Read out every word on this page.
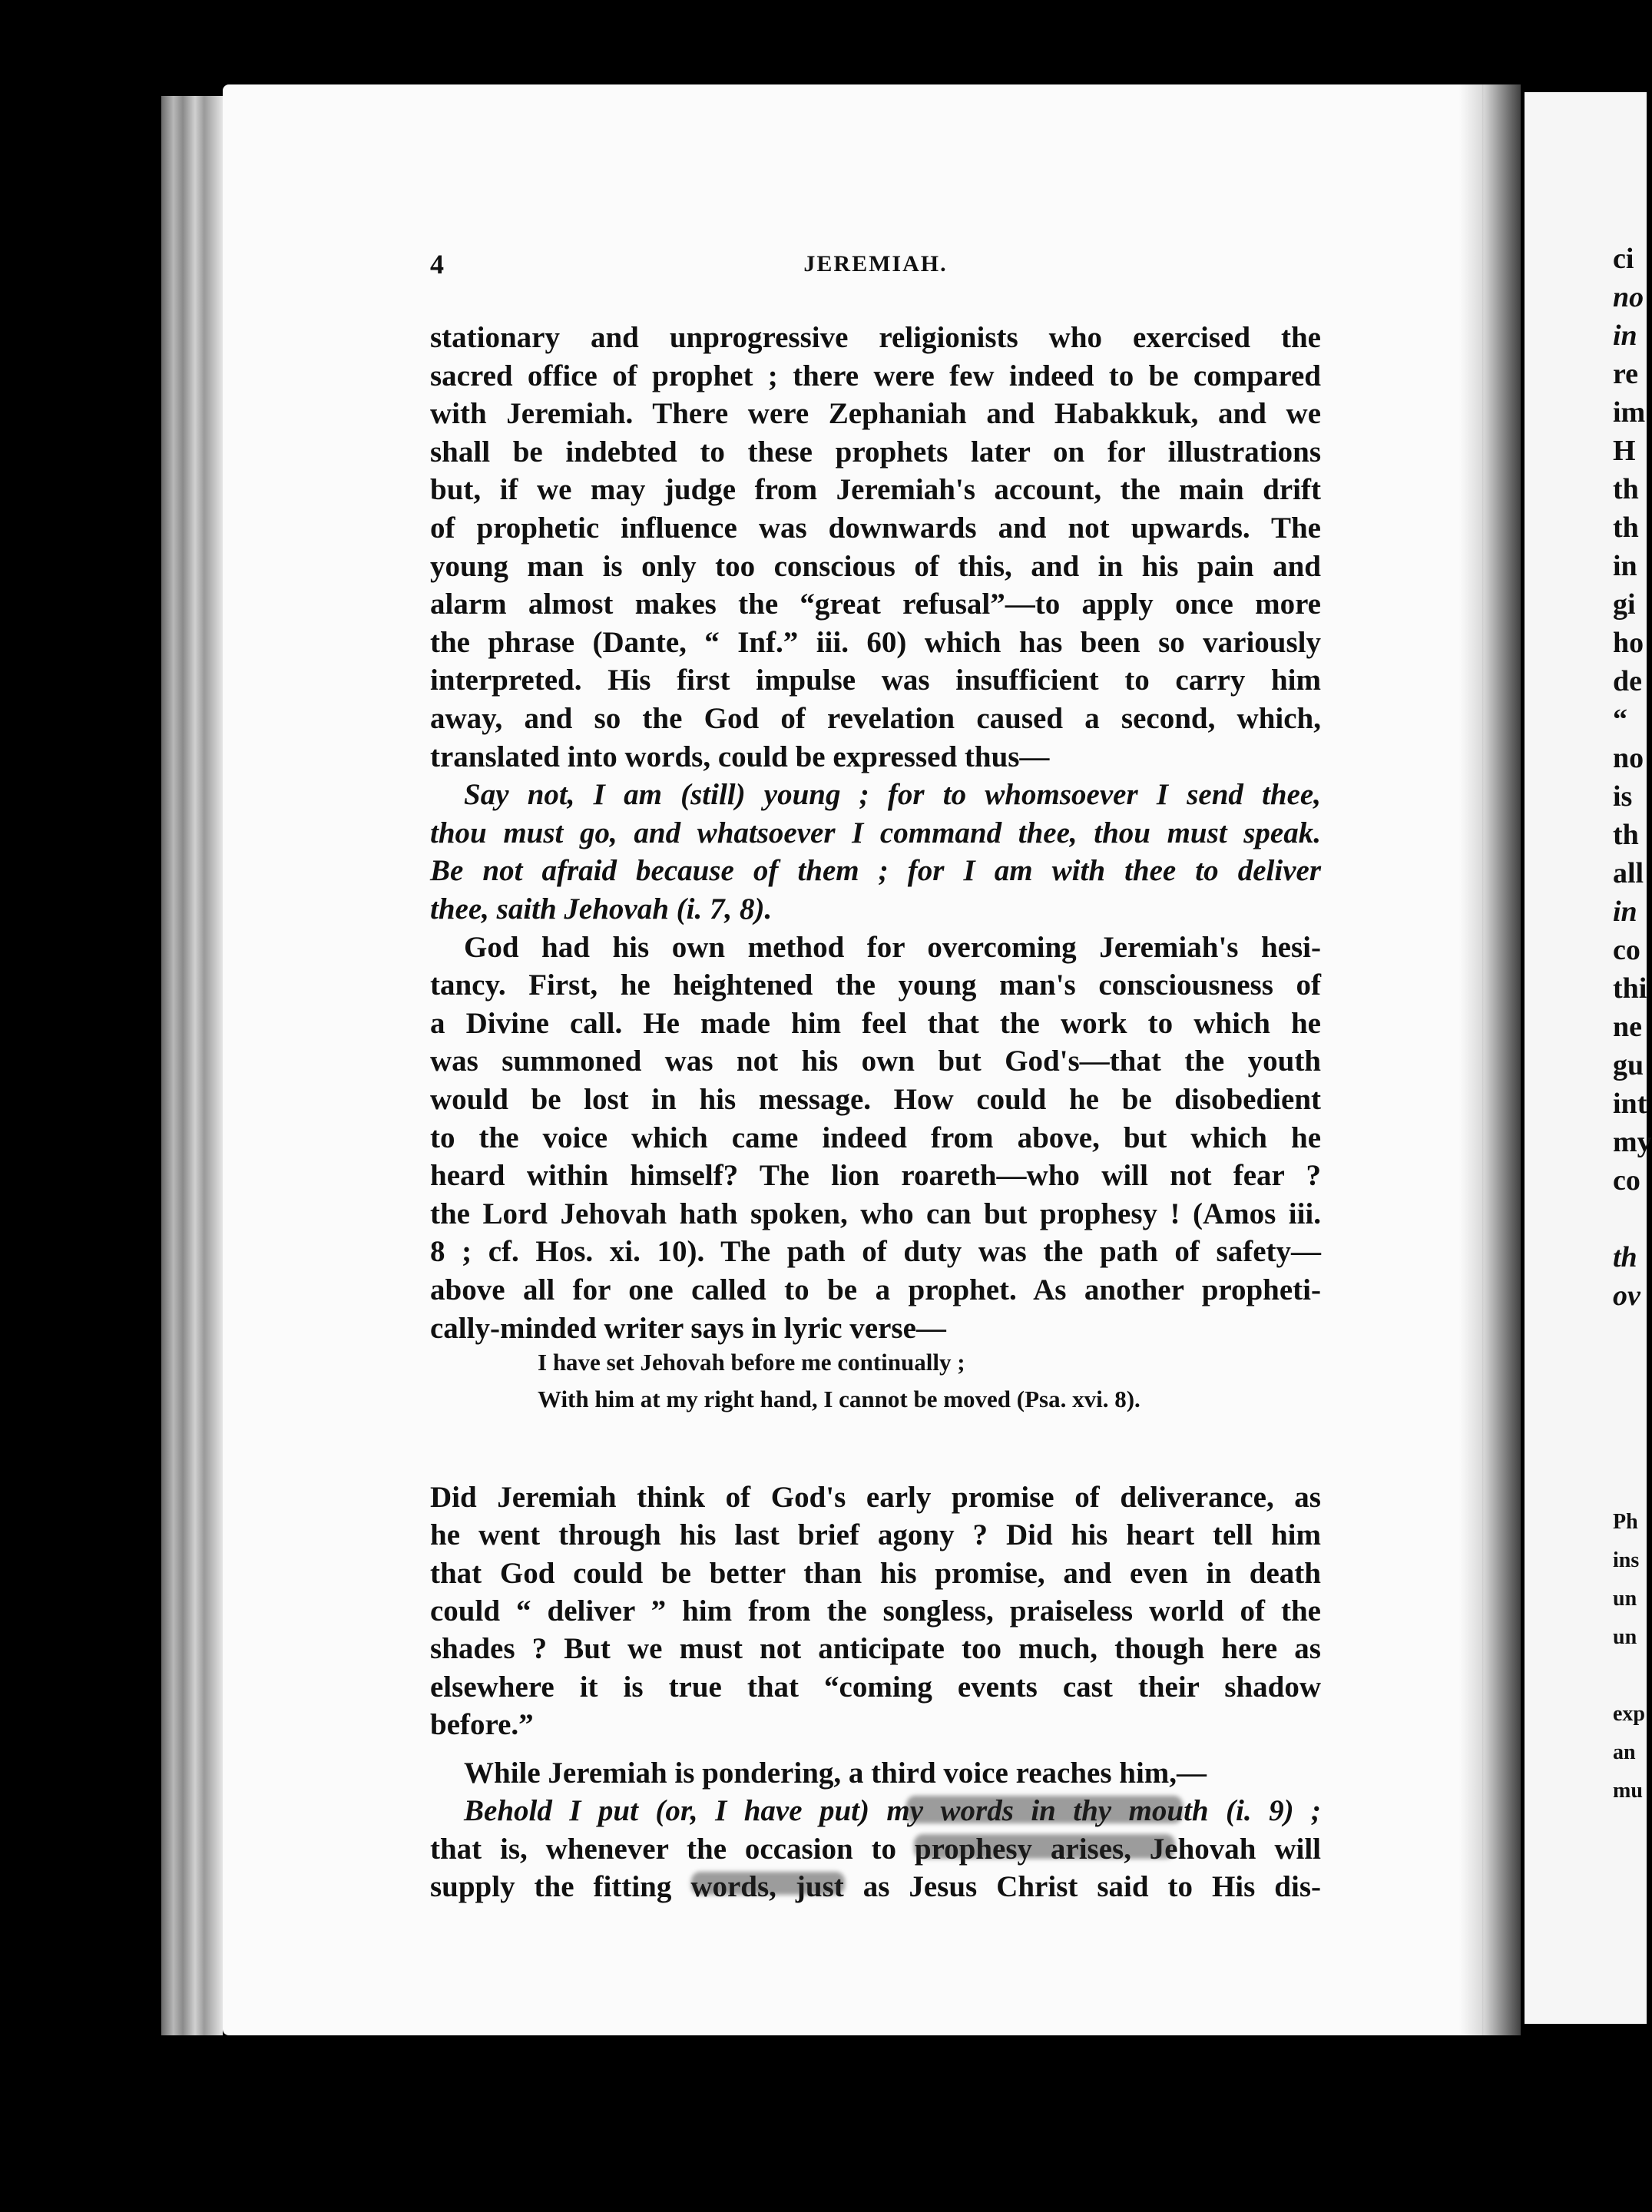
ci
no
in
re
im
H
th
th
in
gi
ho
de
“
no
is
th
all
in
co
thi
ne
gu
int
my
co
th
ov
Ph
ins
un
un
exp
an
mu
4	JEREMIAH.
stationary and unprogressive religionists who exercised the
sacred office of prophet ; there were few indeed to be compared
with Jeremiah. There were Zephaniah and Habakkuk, and we
shall be indebted to these prophets later on for illustrations
but, if we may judge from Jeremiah's account, the main drift
of prophetic influence was downwards and not upwards. The
young man is only too conscious of this, and in his pain and
alarm almost makes the “great refusal”—to apply once more
the phrase (Dante, “ Inf.” iii. 60) which has been so variously
interpreted. His first impulse was insufficient to carry him
away, and so the God of revelation caused a second, which,
translated into words, could be expressed thus—
Say not, I am (still) young ; for to whomsoever I send thee,
thou must go, and whatsoever I command thee, thou must speak.
Be not afraid because of them ; for I am with thee to deliver
thee, saith Jehovah (i. 7, 8).
God had his own method for overcoming Jeremiah's hesi-
tancy. First, he heightened the young man's consciousness of
a Divine call. He made him feel that the work to which he
was summoned was not his own but God's—that the youth
would be lost in his message. How could he be disobedient
to the voice which came indeed from above, but which he
heard within himself? The lion roareth—who will not fear ?
the Lord Jehovah hath spoken, who can but prophesy ! (Amos iii.
8 ; cf. Hos. xi. 10). The path of duty was the path of safety—
above all for one called to be a prophet. As another propheti-
cally-minded writer says in lyric verse—
I have set Jehovah before me continually ;
With him at my right hand, I cannot be moved (Psa. xvi. 8).
Did Jeremiah think of God's early promise of deliverance, as
he went through his last brief agony ? Did his heart tell him
that God could be better than his promise, and even in death
could “ deliver ” him from the songless, praiseless world of the
shades ? But we must not anticipate too much, though here as
elsewhere it is true that “coming events cast their shadow
before.”
While Jeremiah is pondering, a third voice reaches him,—
Behold I put (or, I have put) my words in thy mouth (i. 9) ;
that is, whenever the occasion to prophesy arises, Jehovah will
supply the fitting words, just as Jesus Christ said to His dis-
